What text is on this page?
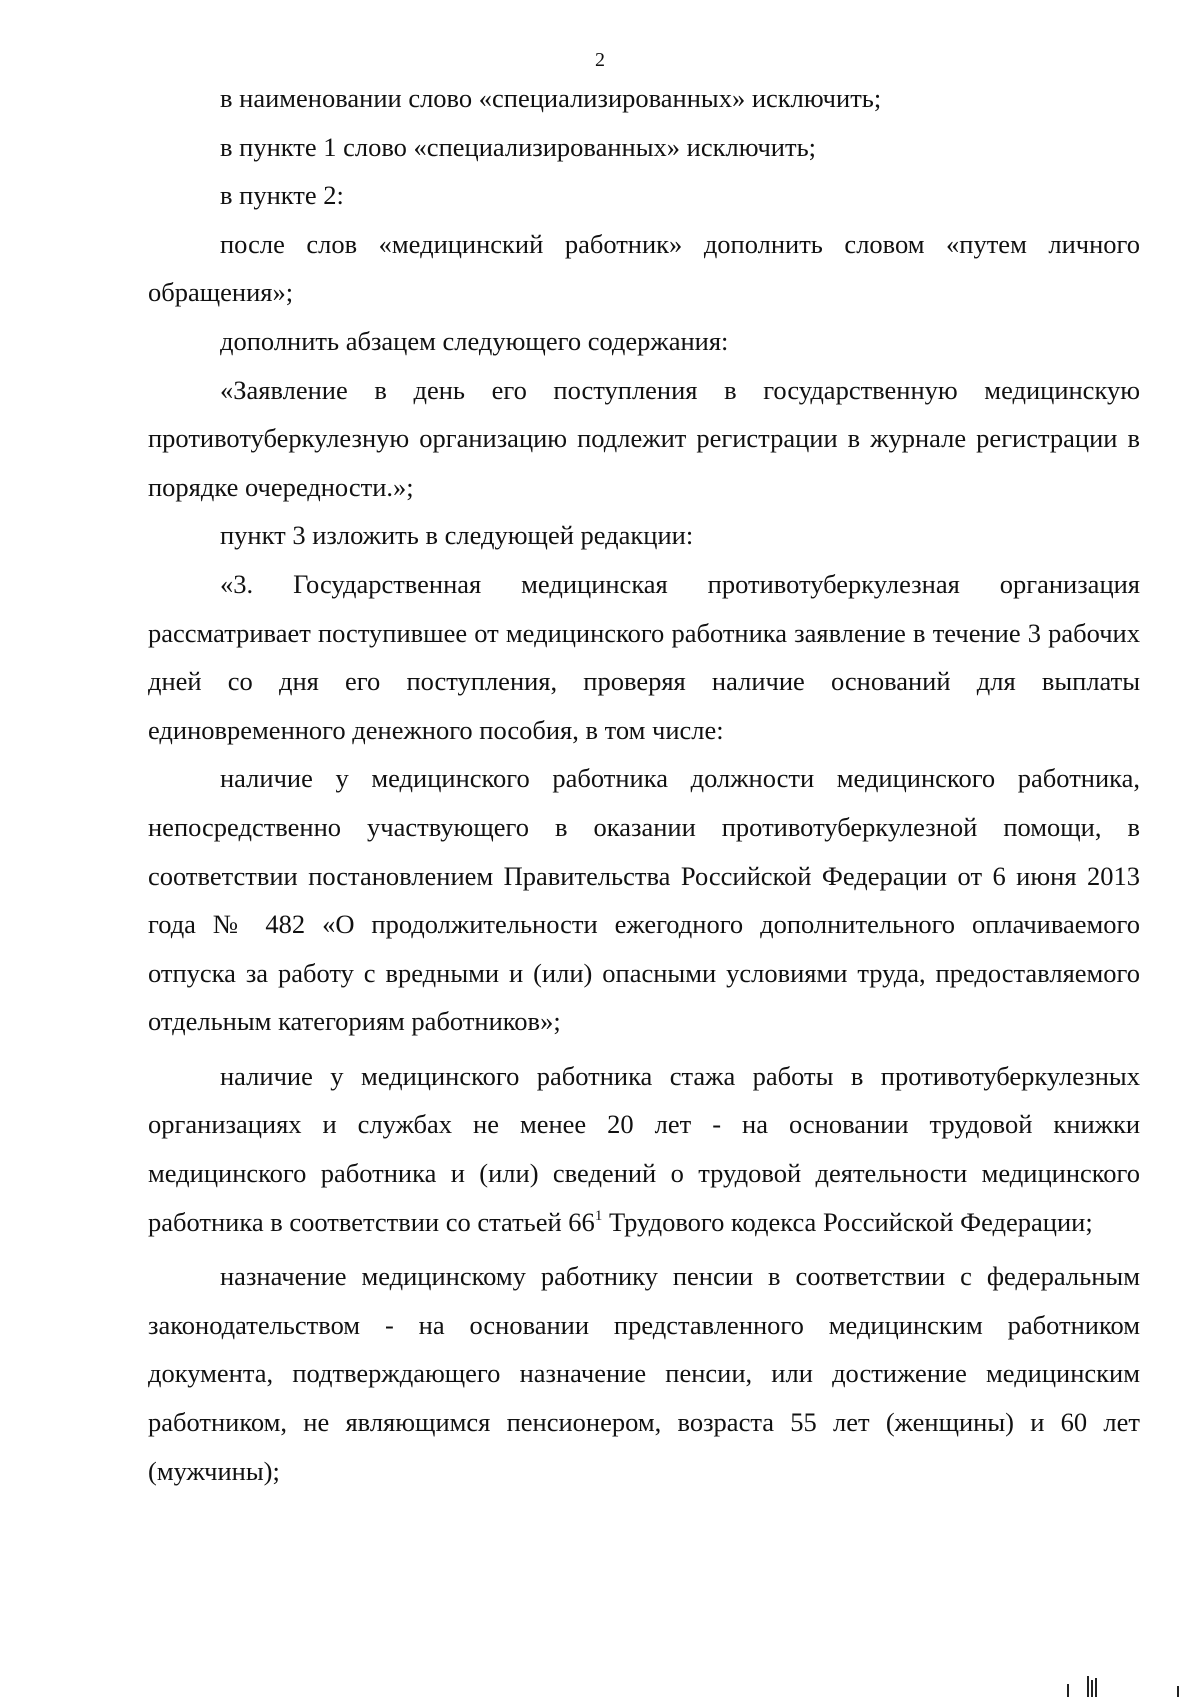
2

в наименовании слово «специализированных» исключить;

в пункте 1 слово «специализированных» исключить;

в пункте 2:

после слов «медицинский работник» дополнить словом «путем личного обращения»;

дополнить абзацем следующего содержания:

«Заявление в день его поступления в государственную медицинскую противотуберкулезную организацию подлежит регистрации в журнале регистрации в порядке очередности.»;

пункт 3 изложить в следующей редакции:

«3. Государственная медицинская противотуберкулезная организация рассматривает поступившее от медицинского работника заявление в течение 3 рабочих дней со дня его поступления, проверяя наличие оснований для выплаты единовременного денежного пособия, в том числе:

наличие у медицинского работника должности медицинского работника, непосредственно участвующего в оказании противотуберкулезной помощи, в соответствии постановлением Правительства Российской Федерации от 6 июня 2013 года № 482 «О продолжительности ежегодного дополнительного оплачиваемого отпуска за работу с вредными и (или) опасными условиями труда, предоставляемого отдельным категориям работников»;

наличие у медицинского работника стажа работы в противотуберкулезных организациях и службах не менее 20 лет - на основании трудовой книжки медицинского работника и (или) сведений о трудовой деятельности медицинского работника в соответствии со статьей $66^1$ Трудового кодекса Российской Федерации;

назначение медицинскому работнику пенсии в соответствии с федеральным законодательством - на основании представленного медицинским работником документа, подтверждающего назначение пенсии, или достижение медицинским работником, не являющимся пенсионером, возраста 55 лет (женщины) и 60 лет (мужчины);
